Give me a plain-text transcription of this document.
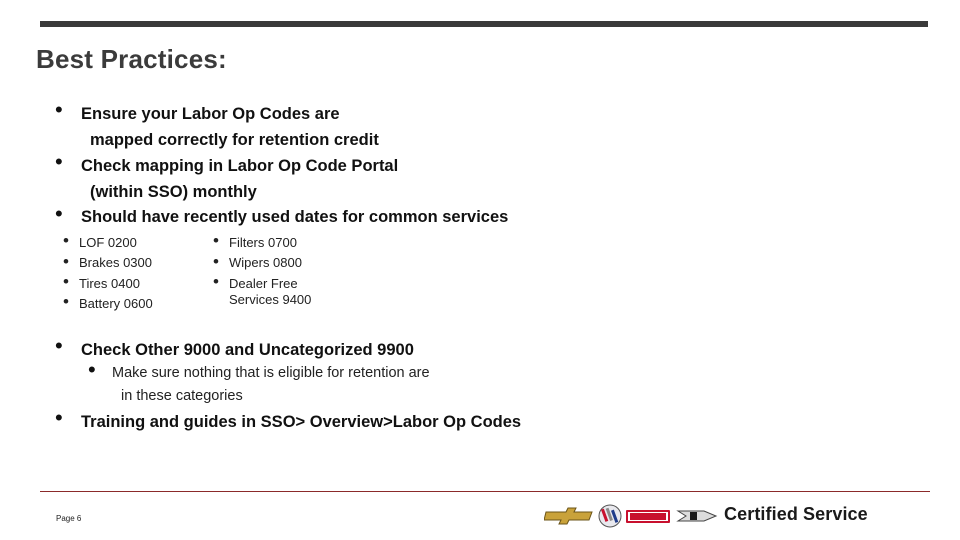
Best Practices:
• Ensure your Labor Op Codes are
mapped correctly for retention credit
• Check mapping in Labor Op Code Portal
(within SSO) monthly
• Should have recently used dates for common services
• LOF 0200
• Brakes 0300
• Tires 0400
• Battery 0600
• Filters 0700
• Wipers 0800
• Dealer Free
Services 9400
• Check Other 9000 and Uncategorized 9900
• Make sure nothing that is eligible for retention are
in these categories
• Training and guides in SSO> Overview>Labor Op Codes
Page 6	Certified Service
